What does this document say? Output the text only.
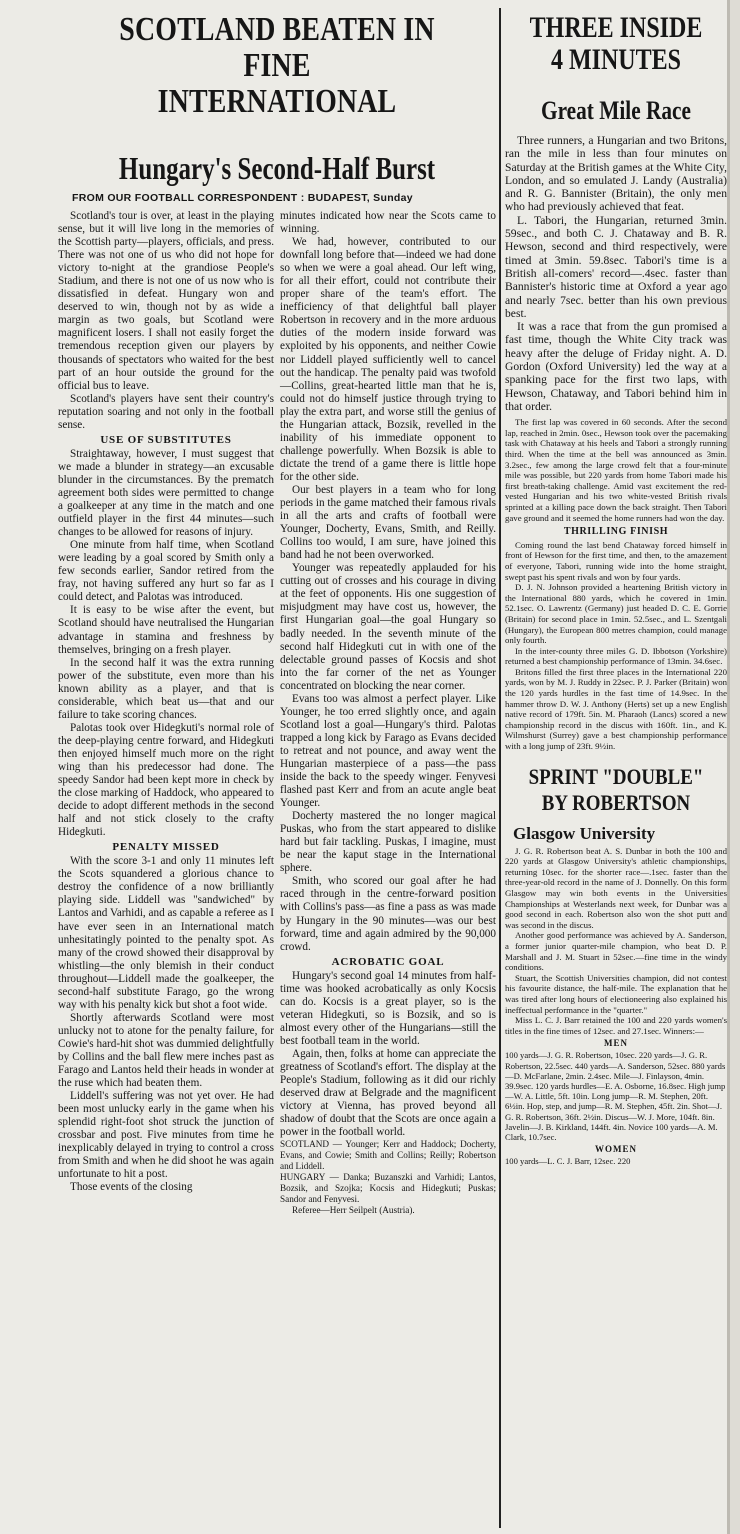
SCOTLAND BEATEN IN FINE
INTERNATIONAL
Hungary's Second-Half Burst
FROM OUR FOOTBALL CORRESPONDENT : BUDAPEST, Sunday

Scotland's tour is over, at least in the playing sense, but it will live long in the memories of the Scottish party—players, officials, and press. There was not one of us who did not hope for victory to-night at the grandiose People's Stadium, and there is not one of us now who is dissatisfied in defeat. Hungary won and deserved to win, though not by as wide a margin as two goals, but Scotland were magnificent losers. I shall not easily forget the tremendous reception given our players by thousands of spectators who waited for the best part of an hour outside the ground for the official bus to leave.

Scotland's players have sent their country's reputation soaring and not only in the football sense.

USE OF SUBSTITUTES

Straightaway, however, I must suggest that we made a blunder in strategy—an excusable blunder in the circumstances. By the prematch agreement both sides were permitted to change a goalkeeper at any time in the match and one outfield player in the first 44 minutes—such changes to be allowed for reasons of injury.

One minute from half time, when Scotland were leading by a goal scored by Smith only a few seconds earlier, Sandor retired from the fray, not having suffered any hurt so far as I could detect, and Palotas was introduced.

It is easy to be wise after the event, but Scotland should have neutralised the Hungarian advantage in stamina and freshness by themselves, bringing on a fresh player.

In the second half it was the extra running power of the substitute, even more than his known ability as a player, and that is considerable, which beat us—that and our failure to take scoring chances.

Palotas took over Hidegkuti's normal role of the deep-playing centre forward, and Hidegkuti then enjoyed himself much more on the right wing than his predecessor had done. The speedy Sandor had been kept more in check by the close marking of Haddock, who appeared to decide to adopt different methods in the second half and not stick closely to the crafty Hidegkuti.

PENALTY MISSED

With the score 3-1 and only 11 minutes left the Scots squandered a glorious chance to destroy the confidence of a now brilliantly playing side. Liddell was "sandwiched" by Lantos and Varhidi, and as capable a referee as I have ever seen in an International match unhesitatingly pointed to the penalty spot. As many of the crowd showed their disapproval by whistling—the only blemish in their conduct throughout—Liddell made the goalkeeper, the second-half substitute Farago, go the wrong way with his penalty kick but shot a foot wide.

Shortly afterwards Scotland were most unlucky not to atone for the penalty failure, for Cowie's hard-hit shot was dummied delightfully by Collins and the ball flew mere inches past as Farago and Lantos held their heads in wonder at the ruse which had beaten them.

Liddell's suffering was not yet over. He had been most unlucky early in the game when his splendid right-foot shot struck the junction of crossbar and post. Five minutes from time he inexplicably delayed in trying to control a cross from Smith and when he did shoot he was again unfortunate to hit a post.

Those events of the closing

minutes indicated how near the Scots came to winning.

We had, however, contributed to our downfall long before that—indeed we had done so when we were a goal ahead. Our left wing, for all their effort, could not contribute their proper share of the team's effort. The inefficiency of that delightful ball player Robertson in recovery and in the more arduous duties of the modern inside forward was exploited by his opponents, and neither Cowie nor Liddell played sufficiently well to cancel out the handicap. The penalty paid was twofold—Collins, great-hearted little man that he is, could not do himself justice through trying to play the extra part, and worse still the genius of the Hungarian attack, Bozsik, revelled in the inability of his immediate opponent to challenge powerfully. When Bozsik is able to dictate the trend of a game there is little hope for the other side.

Our best players in a team who for long periods in the game matched their famous rivals in all the arts and crafts of football were Younger, Docherty, Evans, Smith, and Reilly. Collins too would, I am sure, have joined this band had he not been overworked.

Younger was repeatedly applauded for his cutting out of crosses and his courage in diving at the feet of opponents. His one suggestion of misjudgment may have cost us, however, the first Hungarian goal—the goal Hungary so badly needed. In the seventh minute of the second half Hidegkuti cut in with one of the delectable ground passes of Kocsis and shot into the far corner of the net as Younger concentrated on blocking the near corner.

Evans too was almost a perfect player. Like Younger, he too erred slightly once, and again Scotland lost a goal—Hungary's third. Palotas trapped a long kick by Farago as Evans decided to retreat and not pounce, and away went the Hungarian masterpiece of a pass—the pass inside the back to the speedy winger. Fenyvesi flashed past Kerr and from an acute angle beat Younger.

Docherty mastered the no longer magical Puskas, who from the start appeared to dislike hard but fair tackling. Puskas, I imagine, must be near the kaput stage in the International sphere.

Smith, who scored our goal after he had raced through in the centre-forward position with Collins's pass—as fine a pass as was made by Hungary in the 90 minutes—was our best forward, time and again admired by the 90,000 crowd.

ACROBATIC GOAL

Hungary's second goal 14 minutes from half-time was hooked acrobatically as only Kocsis can do. Kocsis is a great player, so is the veteran Hidegkuti, so is Bozsik, and so is almost every other of the Hungarians—still the best football team in the world.

Again, then, folks at home can appreciate the greatness of Scotland's effort. The display at the People's Stadium, following as it did our richly deserved draw at Belgrade and the magnificent victory at Vienna, has proved beyond all shadow of doubt that the Scots are once again a power in the football world.

SCOTLAND — Younger; Kerr and Haddock; Docherty, Evans, and Cowie; Smith and Collins; Reilly; Robertson and Liddell.

HUNGARY — Danka; Buzanszki and Varhidi; Lantos, Bozsik, and Szojka; Kocsis and Hidegkuti; Puskas; Sandor and Fenyvesi.

Referee—Herr Seilpelt (Austria).

THREE INSIDE
4 MINUTES
Great Mile Race

Three runners, a Hungarian and two Britons, ran the mile in less than four minutes on Saturday at the British games at the White City, London, and so emulated J. Landy (Australia) and R. G. Bannister (Britain), the only men who had previously achieved that feat.

L. Tabori, the Hungarian, returned 3min. 59sec., and both C. J. Chataway and B. R. Hewson, second and third respectively, were timed at 3min. 59.8sec. Tabori's time is a British all-comers' record—.4sec. faster than Bannister's historic time at Oxford a year ago and nearly 7sec. better than his own previous best.

It was a race that from the gun promised a fast time, though the White City track was heavy after the deluge of Friday night. A. D. Gordon (Oxford University) led the way at a spanking pace for the first two laps, with Hewson, Chataway, and Tabori behind him in that order.

The first lap was covered in 60 seconds. After the second lap, reached in 2min. 0sec., Hewson took over the pacemaking task with Chataway at his heels and Tabori a strongly running third. When the time at the bell was announced as 3min. 3.2sec., few among the large crowd felt that a four-minute mile was possible, but 220 yards from home Tabori made his first breath-taking challenge. Amid vast excitement the red-vested Hungarian and his two white-vested British rivals sprinted at a killing pace down the back straight. Then Tabori gave ground and it seemed the home runners had won the day.

THRILLING FINISH

Coming round the last bend Chataway forced himself in front of Hewson for the first time, and then, to the amazement of everyone, Tabori, running wide into the home straight, swept past his spent rivals and won by four yards.

D. J. N. Johnson provided a heartening British victory in the International 880 yards, which he covered in 1min. 52.1sec. O. Lawrentz (Germany) just headed D. C. E. Gorrie (Britain) for second place in 1min. 52.5sec., and L. Szentgali (Hungary), the European 800 metres champion, could manage only fourth.

In the inter-county three miles G. D. Ibbotson (Yorkshire) returned a best championship performance of 13min. 34.6sec.

Britons filled the first three places in the International 220 yards, won by M. J. Ruddy in 22sec. P. J. Parker (Britain) won the 120 yards hurdles in the fast time of 14.9sec. In the hammer throw D. W. J. Anthony (Herts) set up a new English native record of 179ft. 5in. M. Pharaoh (Lancs) scored a new championship record in the discus with 160ft. 1in., and K. Wilmshurst (Surrey) gave a best championship performance with a long jump of 23ft. 9½in.

SPRINT "DOUBLE"
BY ROBERTSON
Glasgow University

J. G. R. Robertson beat A. S. Dunbar in both the 100 and 220 yards at Glasgow University's athletic championships, returning 10sec. for the shorter race—.1sec. faster than the three-year-old record in the name of J. Donnelly. On this form Glasgow may win both events in the Universities Championships at Westerlands next week, for Dunbar was a good second in each. Robertson also won the shot putt and was second in the discus.

Another good performance was achieved by A. Sanderson, a former junior quarter-mile champion, who beat D. P. Marshall and J. M. Stuart in 52sec.—fine time in the windy conditions.

Stuart, the Scottish Universities champion, did not contest his favourite distance, the half-mile. The explanation that he was tired after long hours of electioneering also explained his ineffectual performance in the "quarter."

Miss L. C. J. Barr retained the 100 and 220 yards women's titles in the fine times of 12sec. and 27.1sec. Winners:—

MEN

100 yards—J. G. R. Robertson, 10sec. 220 yards—J. G. R. Robertson, 22.5sec. 440 yards—A. Sanderson, 52sec. 880 yards—D. McFarlane, 2min. 2.4sec. Mile—J. Finlayson, 4min. 39.9sec. 120 yards hurdles—E. A. Osborne, 16.8sec. High jump—W. A. Little, 5ft. 10in. Long jump—R. M. Stephen, 20ft. 6½in. Hop, step, and jump—R. M. Stephen, 45ft. 2in. Shot—J. G. R. Robertson, 36ft. 2½in. Discus—W. J. More, 104ft. 8in. Javelin—J. B. Kirkland, 144ft. 4in. Novice 100 yards—A. M. Clark, 10.7sec.

WOMEN

100 yards—L. C. J. Barr, 12sec. 220
